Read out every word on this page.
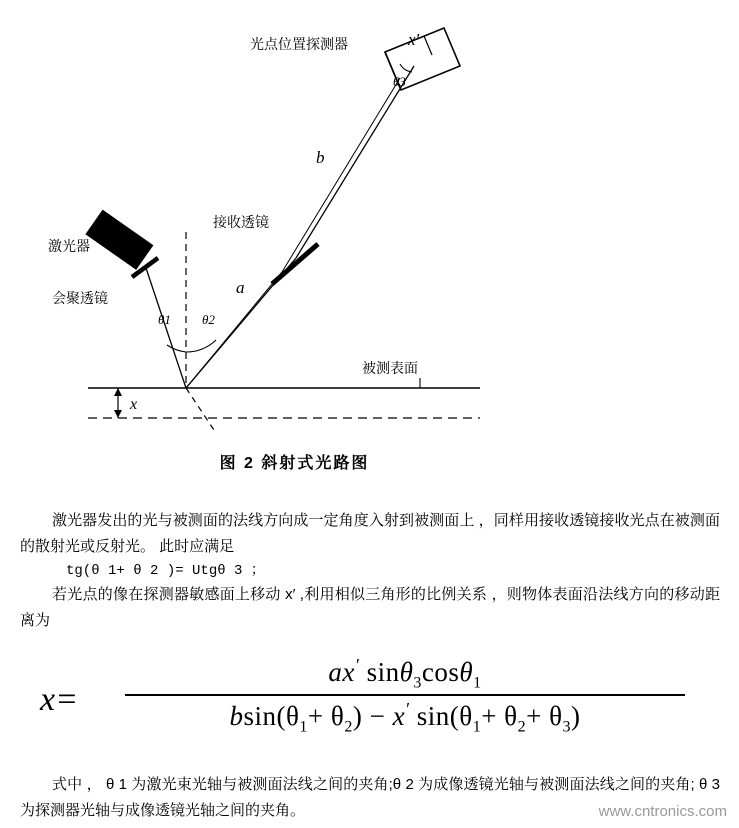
光点位置探测器	x′
θ3
b
a
接收透镜
激光器
会聚透镜
被测表面
θ1 θ2
x
图 2 斜射式光路图
激光器发出的光与被测面的法线方向成一定角度入射到被测面上 ，同样用接收透镜接收光点在被测面的散射光或反射光。 此时应满足
tg(θ 1+ θ 2 )= Utgθ 3 ；
若光点的像在探测器敏感面上移动 x′ ,利用相似三角形的比例关系 ，则物体表面沿法线方向的移动距离为
x=
ax′ sinθ$_3$cosθ$_1$
$bsin(\theta_1+ \theta_2) - x'$ $\sin(\theta_1+ \theta_2+ \theta_3)$
式中 ， θ 1 为激光束光轴与被测面法线之间的夹角;θ 2 为成像透镜光轴与被测面法线之间的夹角; θ 3 为探测器光轴与成像透镜光轴之间的夹角。	www.cntronics.com
